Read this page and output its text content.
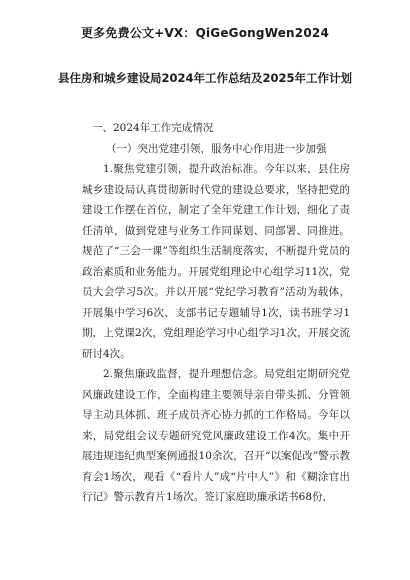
更多免费公文+VX：QiGeGongWen2024
县住房和城乡建设局2024年工作总结及2025年工作计划

一、2024年工作完成情况

（一）突出党建引领，服务中心作用进一步加强

1.聚焦党建引领，提升政治标准。今年以来，县住房城乡建设局认真贯彻新时代党的建设总要求，坚持把党的建设工作摆在首位，制定了全年党建工作计划，细化了责任清单，做到党建与业务工作同谋划、同部署、同推进。规范了“三会一课”等组织生活制度落实，不断提升党员的政治素质和业务能力。开展党组理论中心组学习11次，党员大会学习5次。并以开展“党纪学习教育”活动为载体，开展集中学习6次、支部书记专题辅导1次，读书班学习1期，上党课2次，党组理论学习中心组学习1次，开展交流研讨4次。

2.聚焦廉政监督，提升理想信念。局党组定期研究党风廉政建设工作，全面构建主要领导亲自带头抓、分管领导主动具体抓、班子成员齐心协力抓的工作格局。今年以来，局党组会议专题研究党风廉政建设工作4次。集中开展违规违纪典型案例通报10余次，召开“以案促改”警示教育会1场次，观看《“看片人”成“片中人”》和《糊涂官出行记》警示教育片1场次。签订家庭助廉承诺书68份，
